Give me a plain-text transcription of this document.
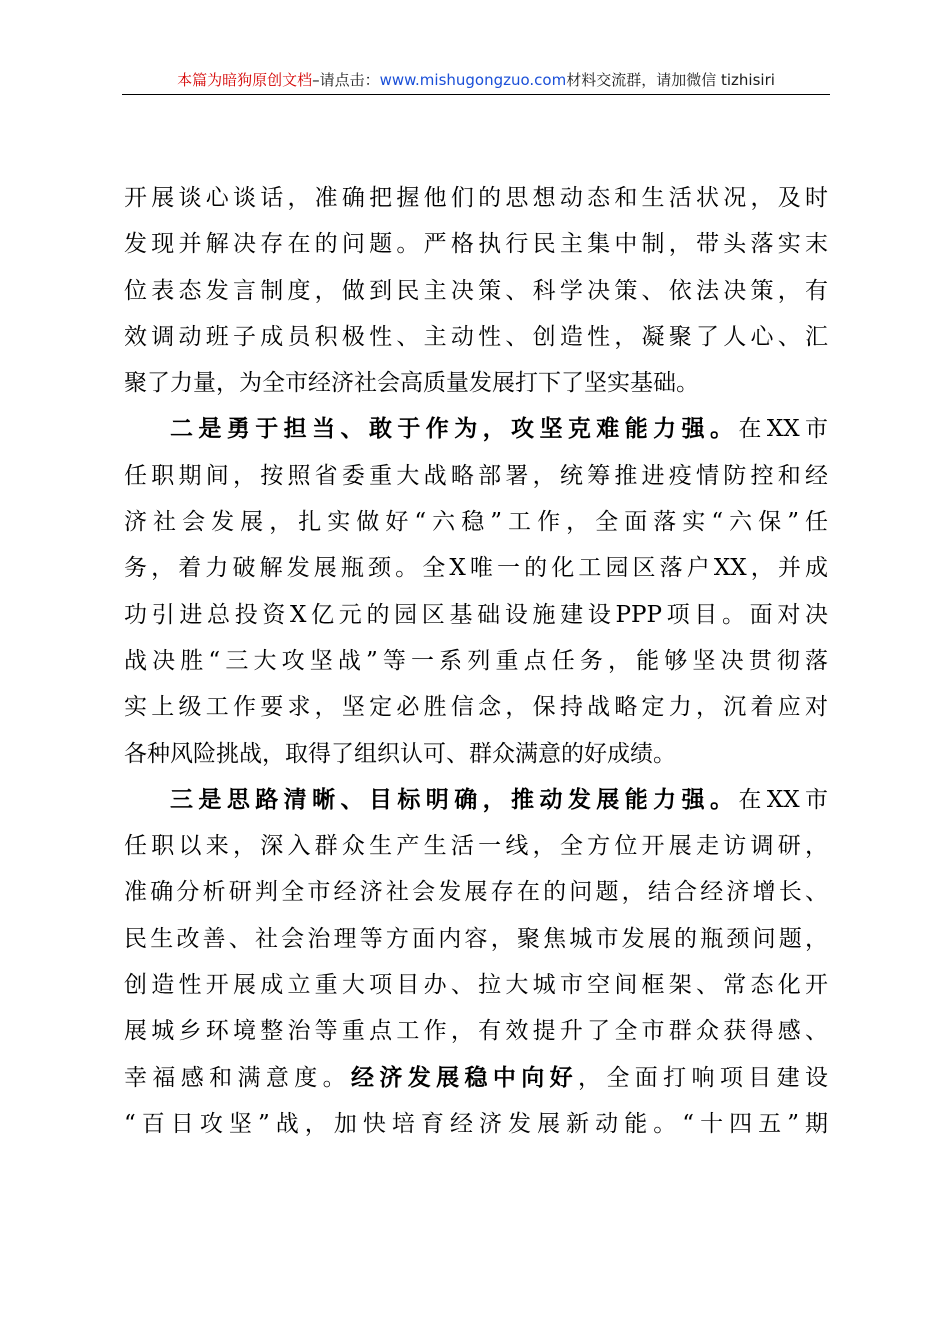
本篇为暗狗原创文档–请点击：www.mishugongzuo.com材料交流群，请加微信 tizhisiri
开展谈心谈话，准确把握他们的思想动态和生活状况，及时
发现并解决存在的问题。严格执行民主集中制，带头落实末
位表态发言制度，做到民主决策、科学决策、依法决策，有
效调动班子成员积极性、主动性、创造性，凝聚了人心、汇
聚了力量，为全市经济社会高质量发展打下了坚实基础。
二是勇于担当、敢于作为，攻坚克难能力强。在XX市
任职期间，按照省委重大战略部署，统筹推进疫情防控和经
济社会发展，扎实做好“六稳”工作，全面落实“六保”任
务，着力破解发展瓶颈。全X唯一的化工园区落户XX，并成
功引进总投资X亿元的园区基础设施建设PPP项目。面对决
战决胜“三大攻坚战”等一系列重点任务，能够坚决贯彻落
实上级工作要求，坚定必胜信念，保持战略定力，沉着应对
各种风险挑战，取得了组织认可、群众满意的好成绩。
三是思路清晰、目标明确，推动发展能力强。在XX市
任职以来，深入群众生产生活一线，全方位开展走访调研，
准确分析研判全市经济社会发展存在的问题，结合经济增长、
民生改善、社会治理等方面内容，聚焦城市发展的瓶颈问题，
创造性开展成立重大项目办、拉大城市空间框架、常态化开
展城乡环境整治等重点工作，有效提升了全市群众获得感、
幸福感和满意度。经济发展稳中向好，全面打响项目建设
“百日攻坚”战，加快培育经济发展新动能。“十四五”期
